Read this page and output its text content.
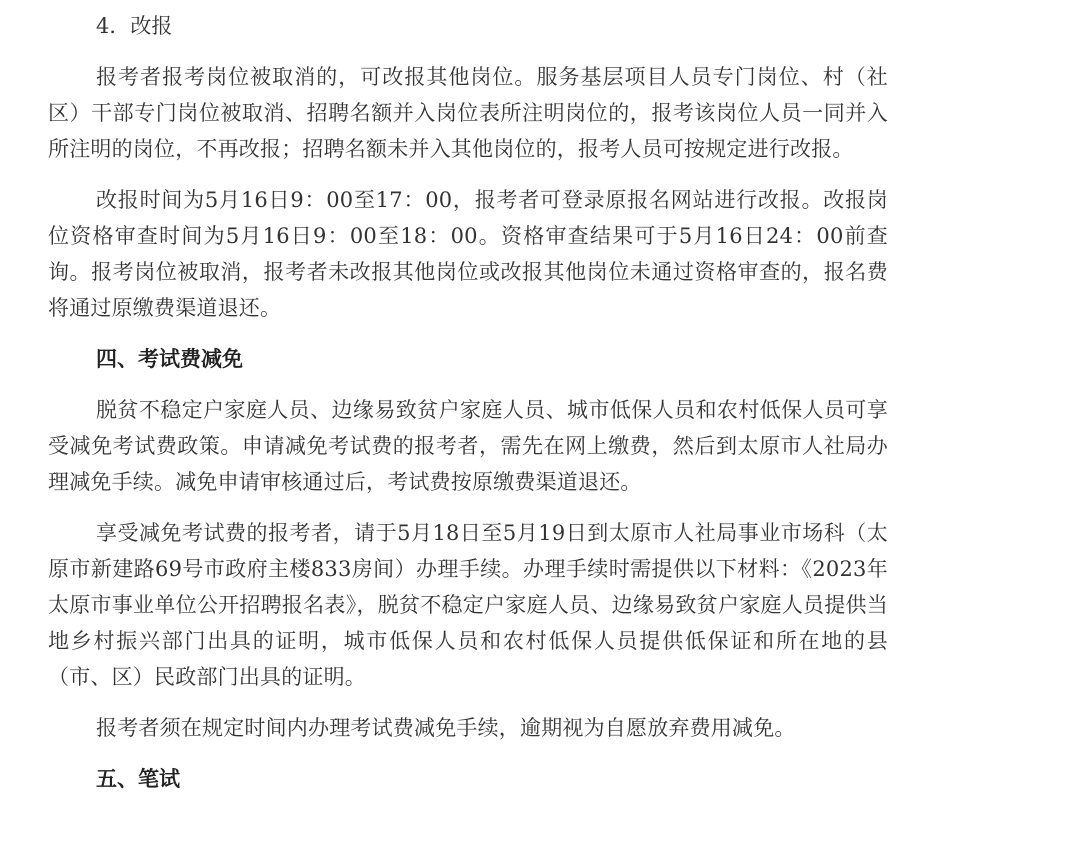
4．改报

报考者报考岗位被取消的，可改报其他岗位。服务基层项目人员专门岗位、村（社区）干部专门岗位被取消、招聘名额并入岗位表所注明岗位的，报考该岗位人员一同并入所注明的岗位，不再改报；招聘名额未并入其他岗位的，报考人员可按规定进行改报。

改报时间为5月16日9：00至17：00，报考者可登录原报名网站进行改报。改报岗位资格审查时间为5月16日9：00至18：00。资格审查结果可于5月16日24：00前查询。报考岗位被取消，报考者未改报其他岗位或改报其他岗位未通过资格审查的，报名费将通过原缴费渠道退还。

四、考试费减免

脱贫不稳定户家庭人员、边缘易致贫户家庭人员、城市低保人员和农村低保人员可享受减免考试费政策。申请减免考试费的报考者，需先在网上缴费，然后到太原市人社局办理减免手续。减免申请审核通过后，考试费按原缴费渠道退还。

享受减免考试费的报考者，请于5月18日至5月19日到太原市人社局事业市场科（太原市新建路69号市政府主楼833房间）办理手续。办理手续时需提供以下材料：《2023年太原市事业单位公开招聘报名表》，脱贫不稳定户家庭人员、边缘易致贫户家庭人员提供当地乡村振兴部门出具的证明，城市低保人员和农村低保人员提供低保证和所在地的县（市、区）民政部门出具的证明。

报考者须在规定时间内办理考试费减免手续，逾期视为自愿放弃费用减免。

五、笔试
